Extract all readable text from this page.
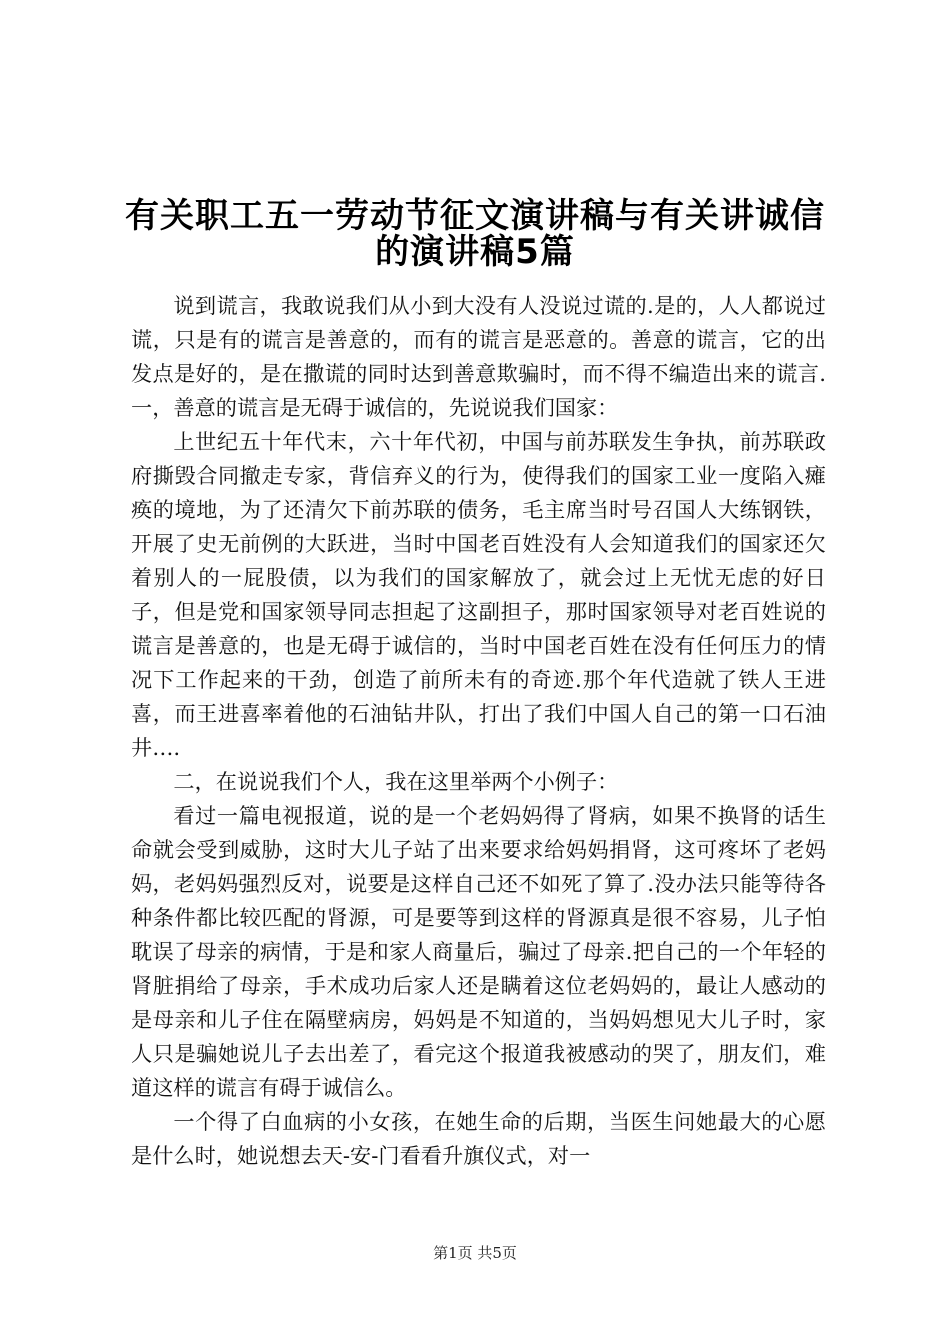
有关职工五一劳动节征文演讲稿与有关讲诚信
的演讲稿5篇

说到谎言，我敢说我们从小到大没有人没说过谎的.是的，人人都说过谎，只是有的谎言是善意的，而有的谎言是恶意的。善意的谎言，它的出发点是好的，是在撒谎的同时达到善意欺骗时，而不得不编造出来的谎言.一，善意的谎言是无碍于诚信的，先说说我们国家：

上世纪五十年代末，六十年代初，中国与前苏联发生争执，前苏联政府撕毁合同撤走专家，背信弃义的行为，使得我们的国家工业一度陷入瘫痪的境地，为了还清欠下前苏联的债务，毛主席当时号召国人大练钢铁，开展了史无前例的大跃进，当时中国老百姓没有人会知道我们的国家还欠着别人的一屁股债，以为我们的国家解放了，就会过上无忧无虑的好日子，但是党和国家领导同志担起了这副担子，那时国家领导对老百姓说的谎言是善意的，也是无碍于诚信的，当时中国老百姓在没有任何压力的情况下工作起来的干劲，创造了前所未有的奇迹.那个年代造就了铁人王进喜，而王进喜率着他的石油钻井队，打出了我们中国人自己的第一口石油井….

二，在说说我们个人，我在这里举两个小例子：

看过一篇电视报道，说的是一个老妈妈得了肾病，如果不换肾的话生命就会受到威胁，这时大儿子站了出来要求给妈妈捐肾，这可疼坏了老妈妈，老妈妈强烈反对，说要是这样自己还不如死了算了.没办法只能等待各种条件都比较匹配的肾源，可是要等到这样的肾源真是很不容易，儿子怕耽误了母亲的病情，于是和家人商量后，骗过了母亲.把自己的一个年轻的肾脏捐给了母亲，手术成功后家人还是瞒着这位老妈妈的，最让人感动的是母亲和儿子住在隔壁病房，妈妈是不知道的，当妈妈想见大儿子时，家人只是骗她说儿子去出差了，看完这个报道我被感动的哭了，朋友们，难道这样的谎言有碍于诚信么。

一个得了白血病的小女孩，在她生命的后期，当医生问她最大的心愿是什么时，她说想去天-安-门看看升旗仪式，对一

第1页 共5页
